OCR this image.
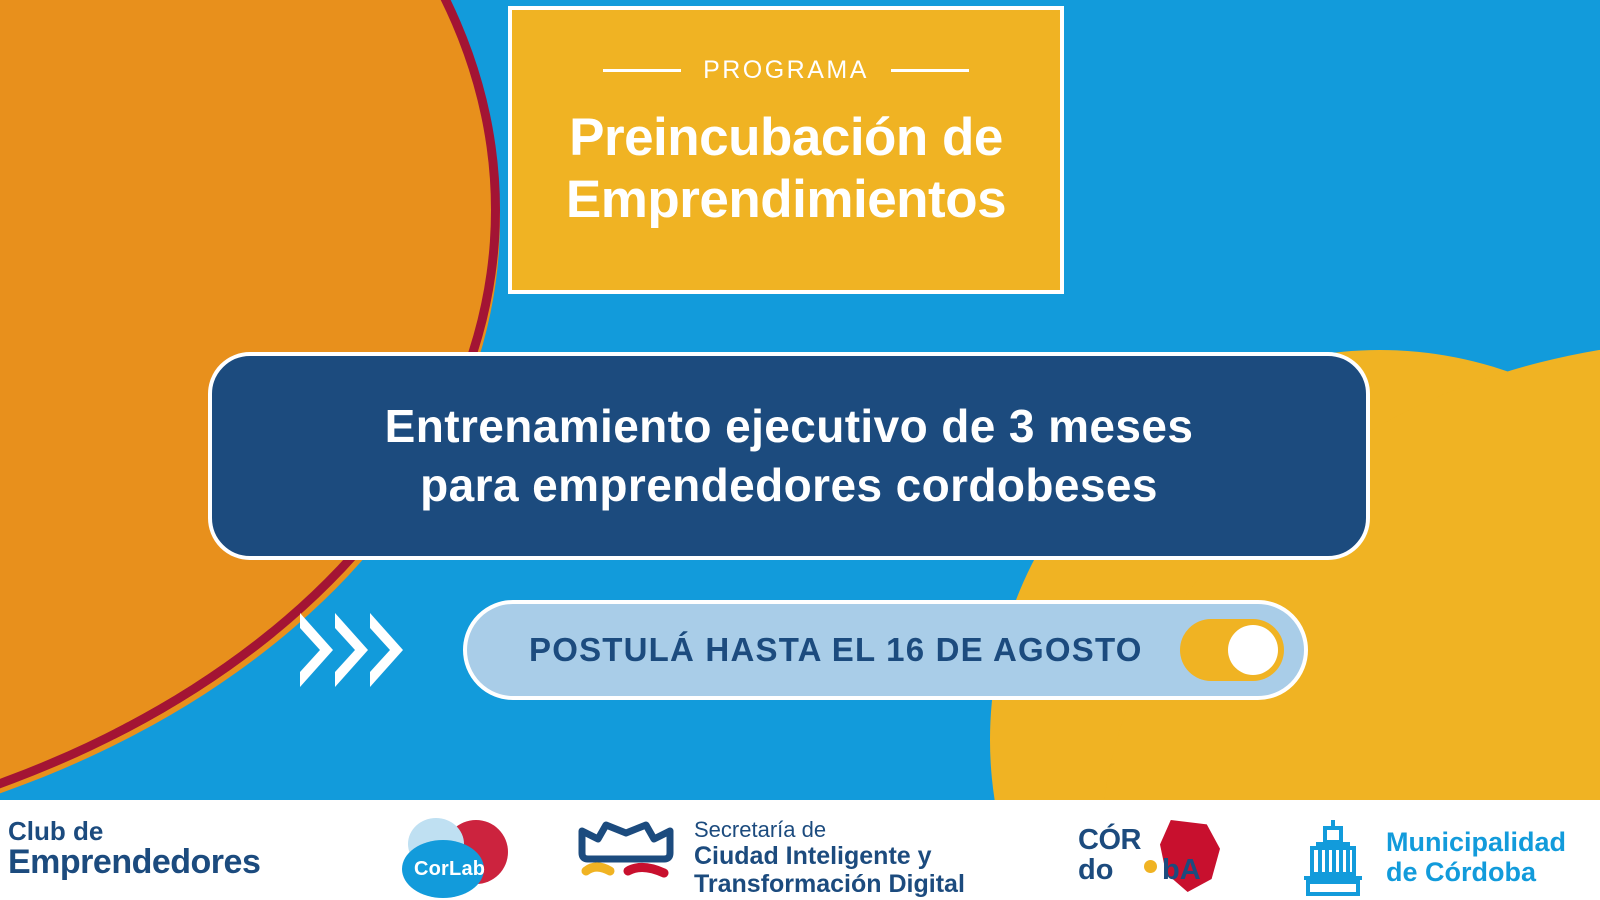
PROGRAMA
Preincubación de
Emprendimientos
Entrenamiento ejecutivo de 3 meses
para emprendedores cordobeses
POSTULÁ HASTA EL 16 DE AGOSTO
Club de
Emprendedores	CorLab
Secretaría de
Ciudad Inteligente y
Transformación Digital
CÓR
do bA
Municipalidad
de Córdoba
